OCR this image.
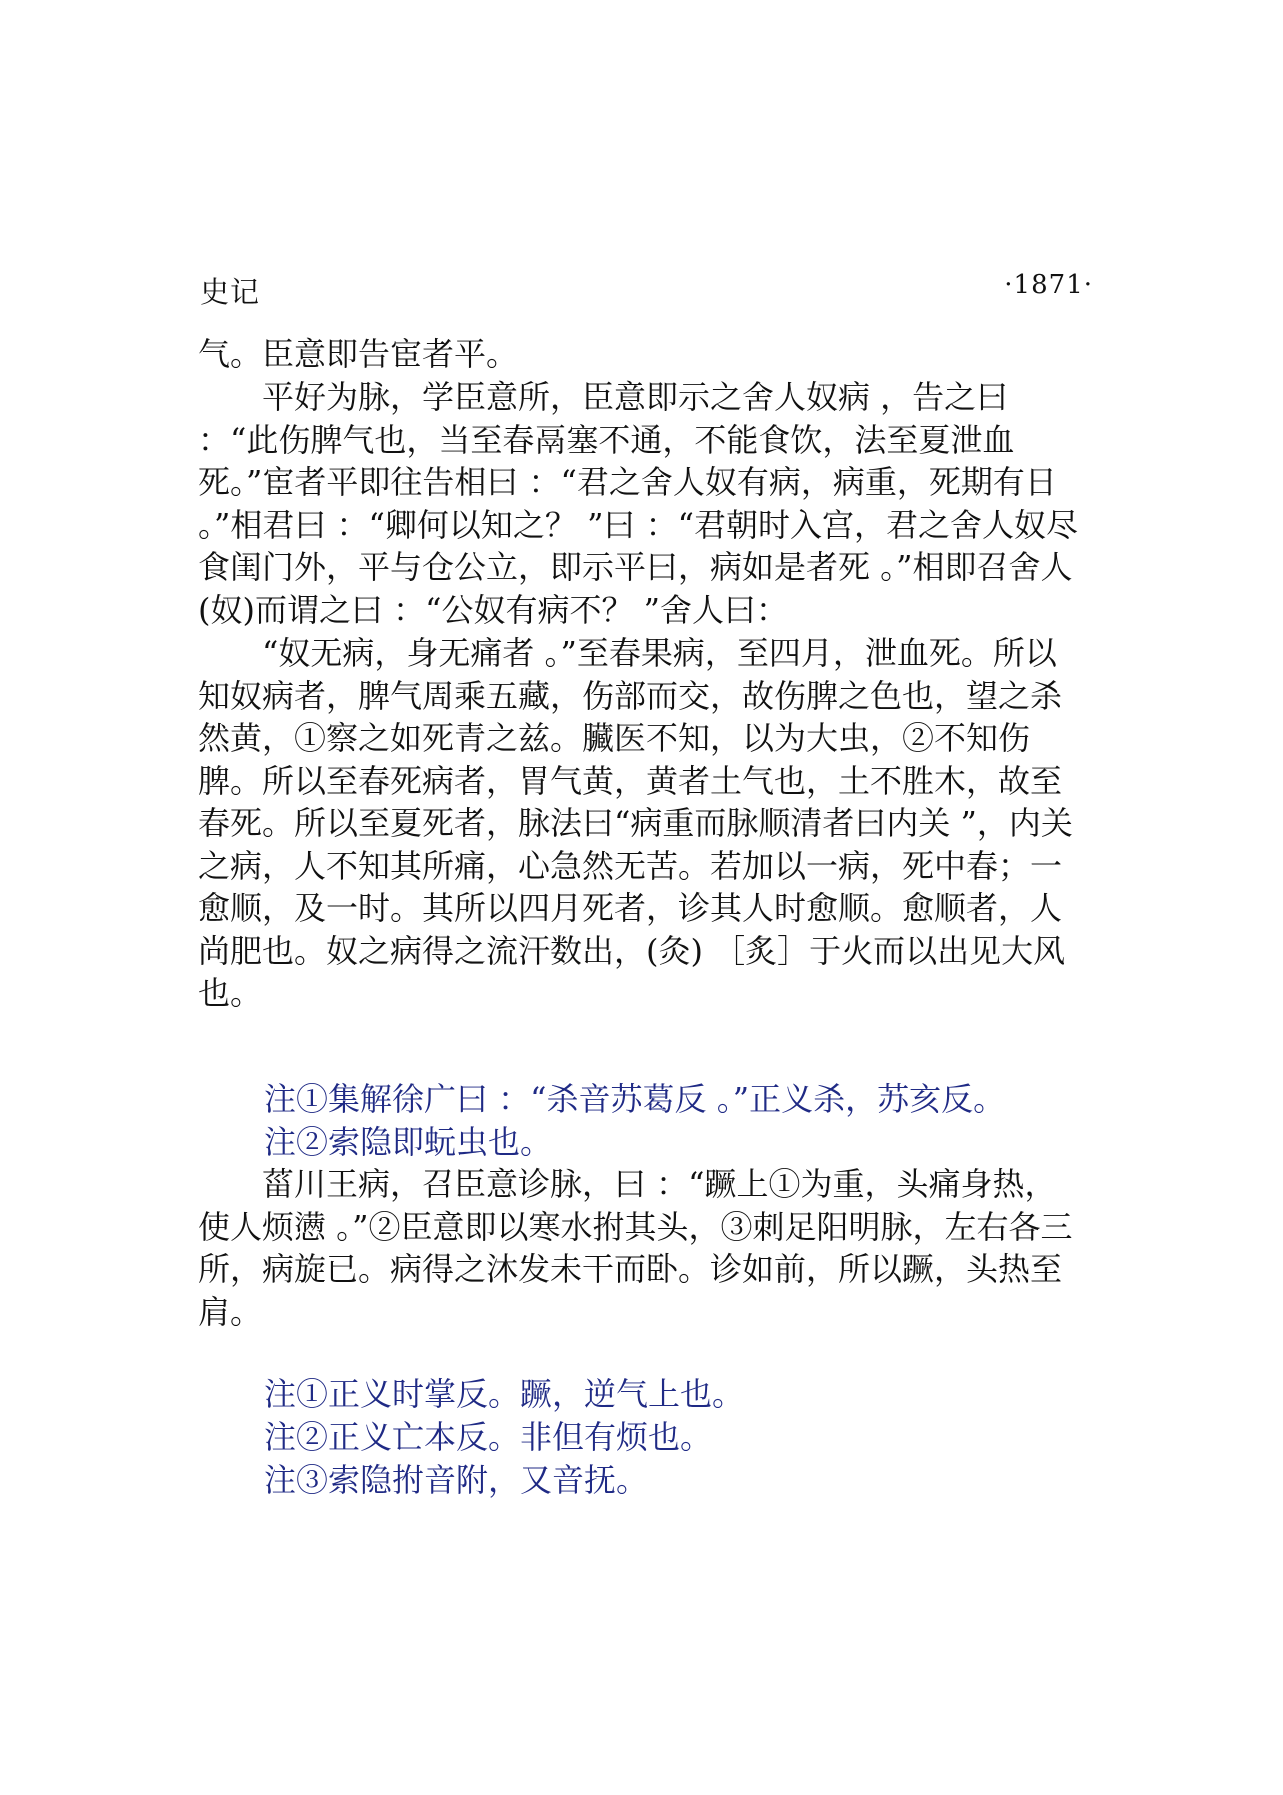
史记	·1871·

气。臣意即告宦者平。

　　平好为脉，学臣意所，臣意即示之舍人奴病 ，告之曰 ：“此伤脾气也，当至春鬲塞不通，不能食饮，法至夏泄血死。”宦者平即往告相曰 ：“君之舍人奴有病，病重，死期有日 。”相君曰 ：“卿何以知之？ ”曰 ：“君朝时入宫，君之舍人奴尽食闺门外，平与仓公立，即示平曰，病如是者死 。”相即召舍人(奴)而谓之曰 ：“公奴有病不？ ”舍人曰：

　　“奴无病，身无痛者 。”至春果病，至四月，泄血死。所以知奴病者，脾气周乘五藏，伤部而交，故伤脾之色也，望之杀然黄，①察之如死青之兹。臟医不知，以为大虫，②不知伤脾。所以至春死病者，胃气黄，黄者土气也，土不胜木，故至春死。所以至夏死者，脉法曰“病重而脉顺清者曰内关 ”，内关之病，人不知其所痛，心急然无苦。若加以一病，死中春；一愈顺，及一时。其所以四月死者，诊其人时愈顺。愈顺者，人尚肥也。奴之病得之流汗数出，(灸) ［炙］于火而以出见大风也。

注①集解徐广曰 ：“杀音苏葛反 。”正义杀，苏亥反。

注②索隐即蚖虫也。

　　菑川王病，召臣意诊脉，曰 ：“蹶上①为重，头痛身热，使人烦懑 。”②臣意即以寒水拊其头，③刺足阳明脉，左右各三所，病旋已。病得之沐发未干而卧。诊如前，所以蹶，头热至肩。

注①正义时掌反。蹶，逆气上也。

注②正义亡本反。非但有烦也。

注③索隐拊音附，又音抚。
